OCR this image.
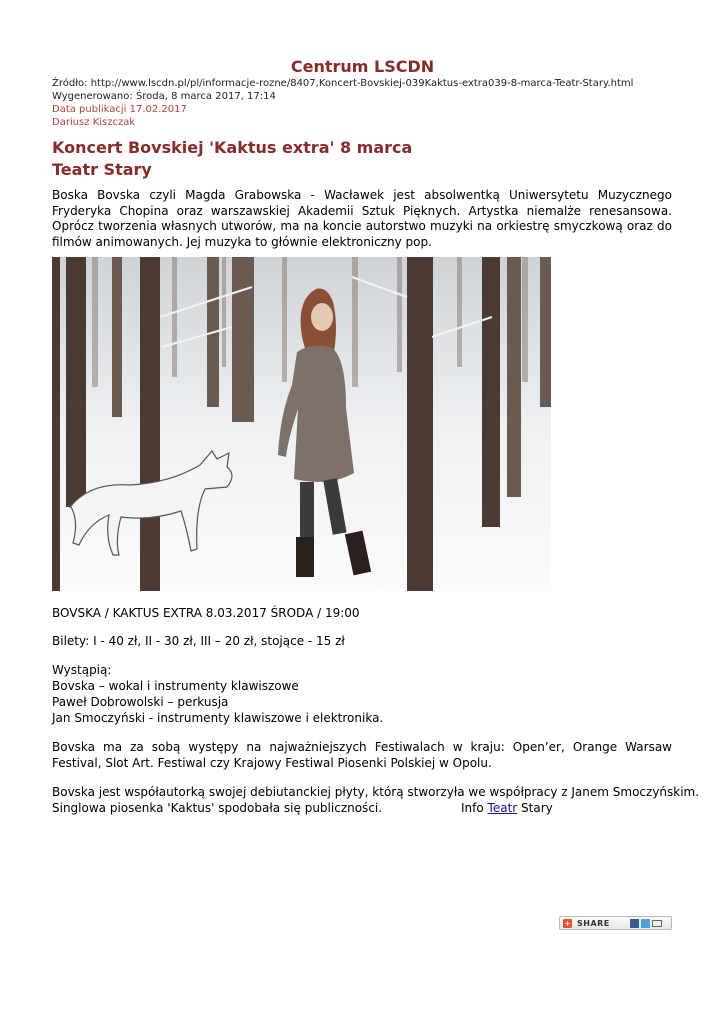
Centrum LSCDN
Źródło: http://www.lscdn.pl/pl/informacje-rozne/8407,Koncert-Bovskiej-039Kaktus-extra039-8-marca-Teatr-Stary.html
Wygenerowano: Środa, 8 marca 2017, 17:14
Data publikacji 17.02.2017
Dariusz Kiszczak
Koncert Bovskiej 'Kaktus extra' 8 marca
Teatr Stary

Boska Bovska czyli Magda Grabowska - Wacławek jest absolwentką Uniwersytetu Muzycznego Fryderyka Chopina oraz warszawskiej Akademii Sztuk Pięknych. Artystka niemalże renesansowa. Oprócz tworzenia własnych utworów, ma na koncie autorstwo muzyki na orkiestrę smyczkową oraz do filmów animowanych. Jej muzyka to głównie elektroniczny pop.

BOVSKA / KAKTUS EXTRA 8.03.2017 ŚRODA / 19:00

Bilety: I - 40 zł, II - 30 zł, III – 20 zł, stojące - 15 zł

Wystąpią:

Bovska – wokal i instrumenty klawiszowe

Paweł Dobrowolski – perkusja

Jan Smoczyński - instrumenty klawiszowe i elektronika.

Bovska ma za sobą występy na najważniejszych Festiwalach w kraju: Open’er, Orange Warsaw Festival, Slot Art. Festiwal czy Krajowy Festiwal Piosenki Polskiej w Opolu.

Bovska jest współautorką swojej debiutanckiej płyty, którą stworzyła we współpracy z Janem Smoczyńskim.

Singlowa piosenka 'Kaktus' spodobała się publiczności.	Info Teatr Stary

+ SHARE
